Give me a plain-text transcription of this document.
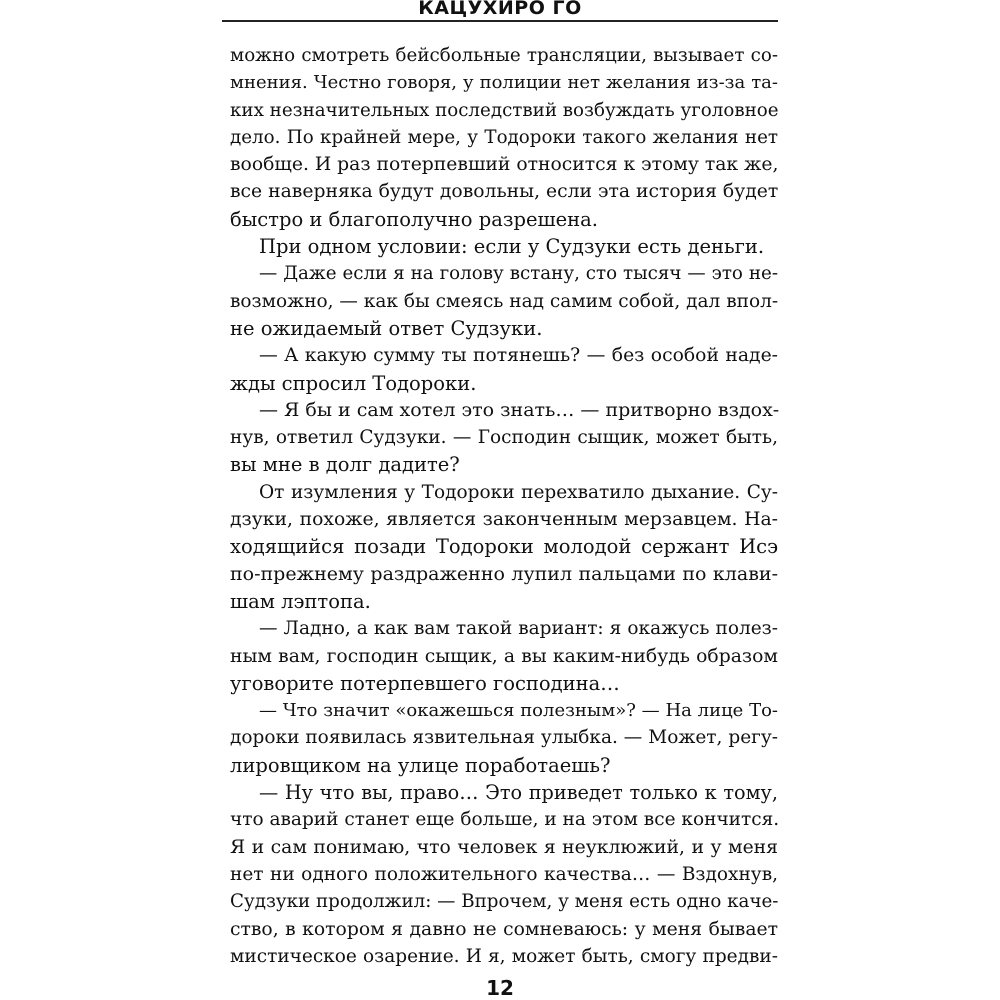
КАЦУХИРО ГО
можно смотреть бейсбольные трансляции, вызывает со-
мнения. Честно говоря, у полиции нет желания из-за та-
ких незначительных последствий возбуждать уголовное
дело. По крайней мере, у Тодороки такого желания нет
вообще. И раз потерпевший относится к этому так же,
все наверняка будут довольны, если эта история будет
быстро и благополучно разрешена.
При одном условии: если у Судзуки есть деньги.
— Даже если я на голову встану, сто тысяч — это не-
возможно, — как бы смеясь над самим собой, дал впол-
не ожидаемый ответ Судзуки.
— А какую сумму ты потянешь? — без особой наде-
жды спросил Тодороки.
— Я бы и сам хотел это знать… — притворно вздох-
нув, ответил Судзуки. — Господин сыщик, может быть,
вы мне в долг дадите?
От изумления у Тодороки перехватило дыхание. Су-
дзуки, похоже, является законченным мерзавцем. На-
ходящийся позади Тодороки молодой сержант Исэ
по-прежнему раздраженно лупил пальцами по клави-
шам лэптопа.
— Ладно, а как вам такой вариант: я окажусь полез-
ным вам, господин сыщик, а вы каким-нибудь образом
уговорите потерпевшего господина…
— Что значит «окажешься полезным»? — На лице То-
дороки появилась язвительная улыбка. — Может, регу-
лировщиком на улице поработаешь?
— Ну что вы, право… Это приведет только к тому,
что аварий станет еще больше, и на этом все кончится.
Я и сам понимаю, что человек я неуклюжий, и у меня
нет ни одного положительного качества… — Вздохнув,
Судзуки продолжил: — Впрочем, у меня есть одно каче-
ство, в котором я давно не сомневаюсь: у меня бывает
мистическое озарение. И я, может быть, смогу предви-
12
